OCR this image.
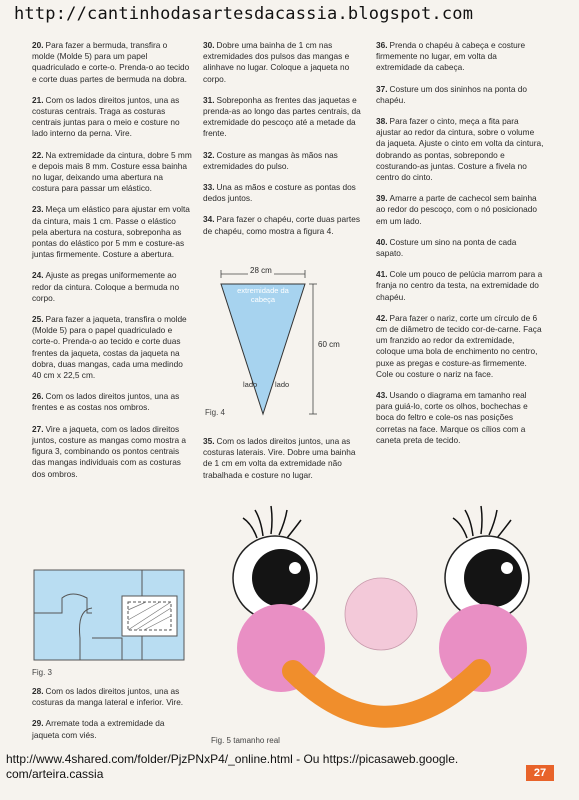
http://cantinhodasartesdacassia.blogspot.com

20. Para fazer a bermuda, transfira o molde (Molde 5) para um papel quadriculado e corte-o. Prenda-o ao tecido e corte duas partes de bermuda na dobra.

21. Com os lados direitos juntos, una as costuras centrais. Traga as costuras centrais juntas para o meio e costure no lado interno da perna. Vire.

22. Na extremidade da cintura, dobre 5 mm e depois mais 8 mm. Costure essa bainha no lugar, deixando uma abertura na costura para passar um elástico.

23. Meça um elástico para ajustar em volta da cintura, mais 1 cm. Passe o elástico pela abertura na costura, sobreponha as pontas do elástico por 5 mm e costure-as juntas firmemente. Costure a abertura.

24. Ajuste as pregas uniformemente ao redor da cintura. Coloque a bermuda no corpo.

25. Para fazer a jaqueta, transfira o molde (Molde 5) para o papel quadriculado e corte-o. Prenda-o ao tecido e corte duas frentes da jaqueta, costas da jaqueta na dobra, duas mangas, cada uma medindo 40 cm x 22,5 cm.

26. Com os lados direitos juntos, una as frentes e as costas nos ombros.

27. Vire a jaqueta, com os lados direitos juntos, costure as mangas como mostra a figura 3, combinando os pontos centrais das mangas individuais com as costuras dos ombros.

Fig. 3

28. Com os lados direitos juntos, una as costuras da manga lateral e inferior. Vire.

29. Arremate toda a extremidade da jaqueta com viés.

30. Dobre uma bainha de 1 cm nas extremidades dos pulsos das mangas e alinhave no lugar. Coloque a jaqueta no corpo.

31. Sobreponha as frentes das jaquetas e prenda-as ao longo das partes centrais, da extremidade do pescoço até a metade da frente.

32. Costure as mangas às mãos nas extremidades do pulso.

33. Una as mãos e costure as pontas dos dedos juntos.

34. Para fazer o chapéu, corte duas partes de chapéu, como mostra a figura 4.

28 cm
60 cm
extremidade da
cabeça
lado lado
Fig. 4

35. Com os lados direitos juntos, una as costuras laterais. Vire. Dobre uma bainha de 1 cm em volta da extremidade não trabalhada e costure no lugar.

36. Prenda o chapéu à cabeça e costure firmemente no lugar, em volta da extremidade da cabeça.

37. Costure um dos sininhos na ponta do chapéu.

38. Para fazer o cinto, meça a fita para ajustar ao redor da cintura, sobre o volume da jaqueta. Ajuste o cinto em volta da cintura, dobrando as pontas, sobrepondo e costurando-as juntas. Costure a fivela no centro do cinto.

39. Amarre a parte de cachecol sem bainha ao redor do pescoço, com o nó posicionado em um lado.

40. Costure um sino na ponta de cada sapato.

41. Cole um pouco de pelúcia marrom para a franja no centro da testa, na extremidade do chapéu.

42. Para fazer o nariz, corte um círculo de 6 cm de diâmetro de tecido cor-de-carne. Faça um franzido ao redor da extremidade, coloque uma bola de enchimento no centro, puxe as pregas e costure-as firmemente. Cole ou costure o nariz na face.

43. Usando o diagrama em tamanho real para guiá-lo, corte os olhos, bochechas e boca do feltro e cole-os nas posições corretas na face. Marque os cílios com a caneta preta de tecido.

Fig. 5 tamanho real
http://www.4shared.com/folder/PjzPNxP4/_online.html - Ou https://picasaweb.google.
com/arteira.cassia	27
